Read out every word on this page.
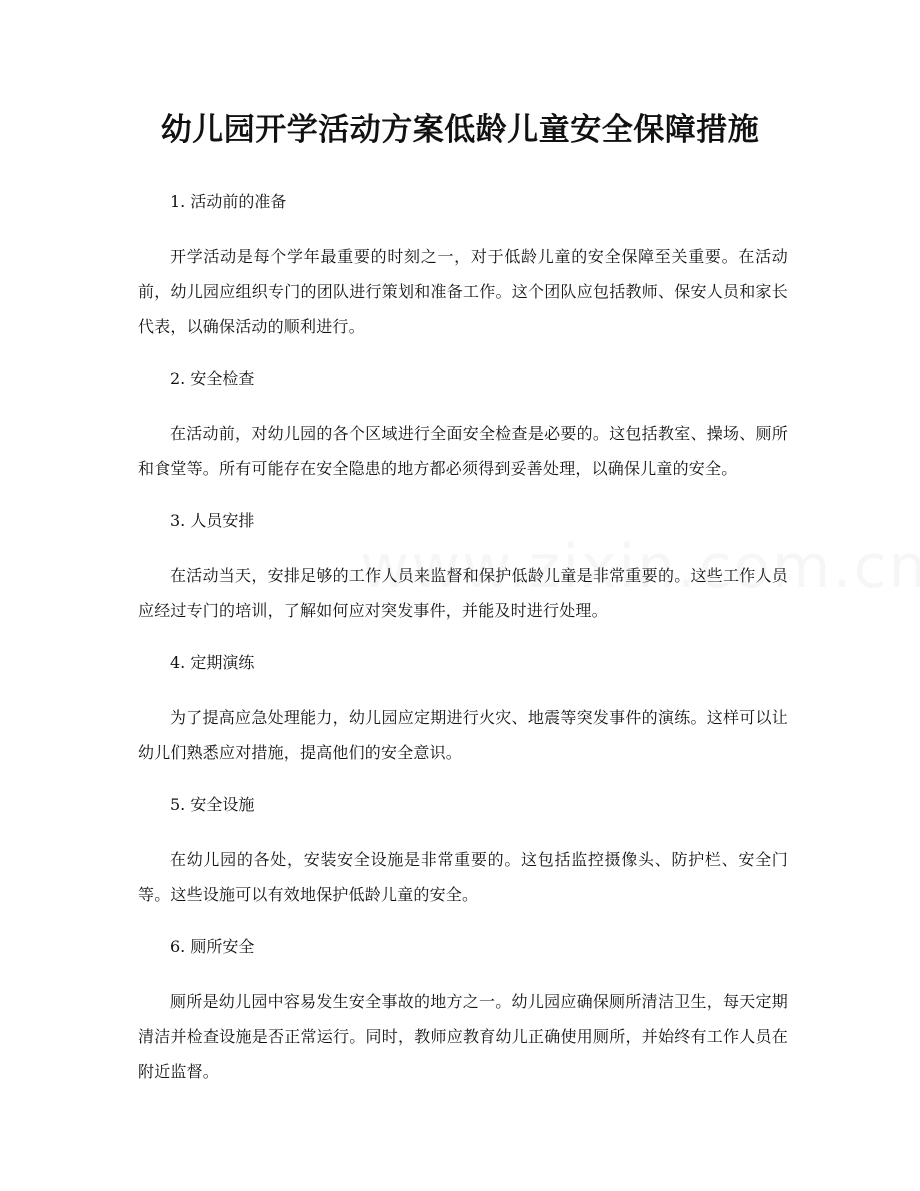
幼儿园开学活动方案低龄儿童安全保障措施

1. 活动前的准备

开学活动是每个学年最重要的时刻之一，对于低龄儿童的安全保障至关重要。在活动前，幼儿园应组织专门的团队进行策划和准备工作。这个团队应包括教师、保安人员和家长代表，以确保活动的顺利进行。

2. 安全检查

在活动前，对幼儿园的各个区域进行全面安全检查是必要的。这包括教室、操场、厕所和食堂等。所有可能存在安全隐患的地方都必须得到妥善处理，以确保儿童的安全。

3. 人员安排

在活动当天，安排足够的工作人员来监督和保护低龄儿童是非常重要的。这些工作人员应经过专门的培训，了解如何应对突发事件，并能及时进行处理。

4. 定期演练

为了提高应急处理能力，幼儿园应定期进行火灾、地震等突发事件的演练。这样可以让幼儿们熟悉应对措施，提高他们的安全意识。

5. 安全设施

在幼儿园的各处，安装安全设施是非常重要的。这包括监控摄像头、防护栏、安全门等。这些设施可以有效地保护低龄儿童的安全。

6. 厕所安全

厕所是幼儿园中容易发生安全事故的地方之一。幼儿园应确保厕所清洁卫生，每天定期清洁并检查设施是否正常运行。同时，教师应教育幼儿正确使用厕所，并始终有工作人员在附近监督。
